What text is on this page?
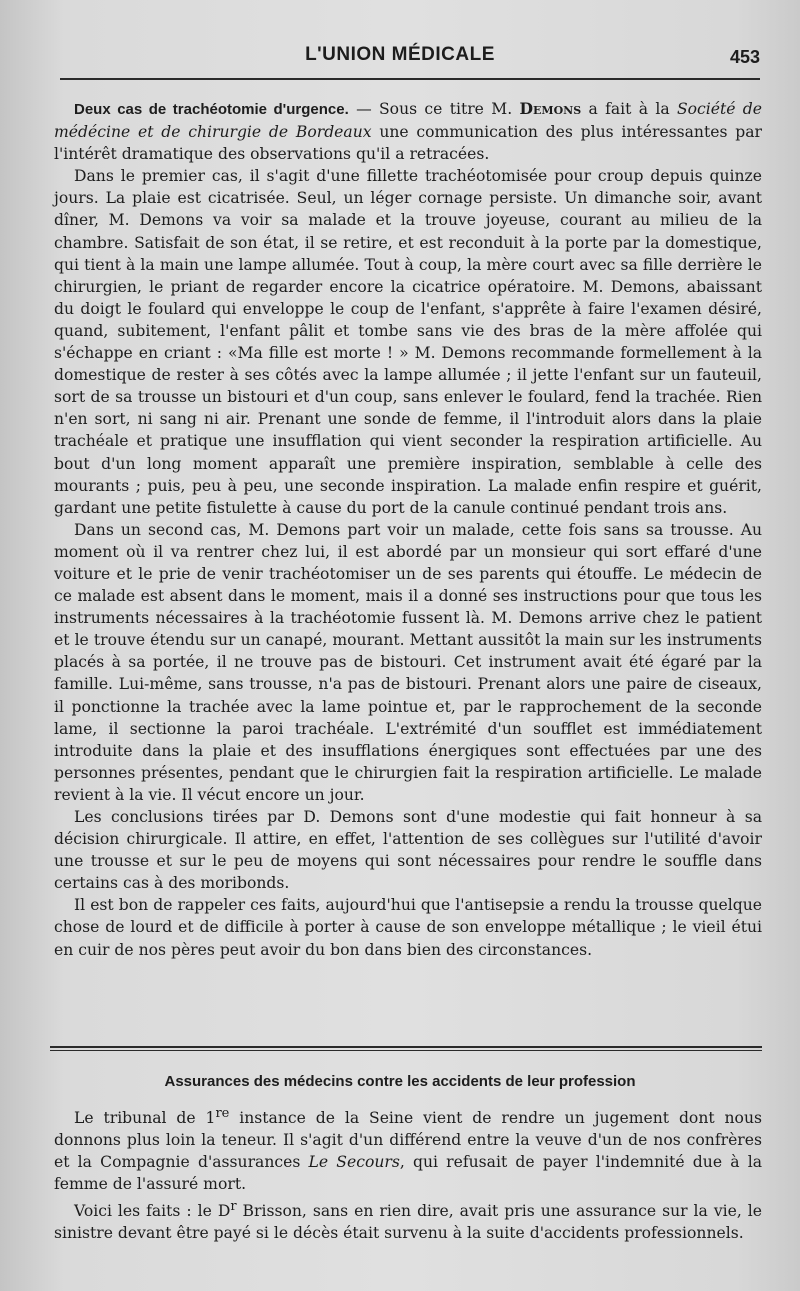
L'UNION MÉDICALE	453

Deux cas de trachéotomie d'urgence. — Sous ce titre M. Demons a fait à la Société de médécine et de chirurgie de Bordeaux une communication des plus intéressantes par l'intérêt dramatique des observations qu'il a retracées.

Dans le premier cas, il s'agit d'une fillette trachéotomisée pour croup depuis quinze jours. La plaie est cicatrisée. Seul, un léger cornage persiste. Un dimanche soir, avant dîner, M. Demons va voir sa malade et la trouve joyeuse, courant au milieu de la chambre. Satisfait de son état, il se retire, et est reconduit à la porte par la domestique, qui tient à la main une lampe allumée. Tout à coup, la mère court avec sa fille derrière le chirurgien, le priant de regarder encore la cicatrice opératoire. M. Demons, abaissant du doigt le foulard qui enveloppe le coup de l'enfant, s'apprête à faire l'examen désiré, quand, subitement, l'enfant pâlit et tombe sans vie des bras de la mère affolée qui s'échappe en criant : «Ma fille est morte ! » M. Demons recommande formellement à la domestique de rester à ses côtés avec la lampe allumée ; il jette l'enfant sur un fauteuil, sort de sa trousse un bistouri et d'un coup, sans enlever le foulard, fend la trachée. Rien n'en sort, ni sang ni air. Prenant une sonde de femme, il l'introduit alors dans la plaie trachéale et pratique une insufflation qui vient seconder la respiration artificielle. Au bout d'un long moment apparaît une première inspiration, semblable à celle des mourants ; puis, peu à peu, une seconde inspiration. La malade enfin respire et guérit, gardant une petite fistulette à cause du port de la canule continué pendant trois ans.

Dans un second cas, M. Demons part voir un malade, cette fois sans sa trousse. Au moment où il va rentrer chez lui, il est abordé par un monsieur qui sort effaré d'une voiture et le prie de venir trachéotomiser un de ses parents qui étouffe. Le médecin de ce malade est absent dans le moment, mais il a donné ses instructions pour que tous les instruments nécessaires à la trachéotomie fussent là. M. Demons arrive chez le patient et le trouve étendu sur un canapé, mourant. Mettant aussitôt la main sur les instruments placés à sa portée, il ne trouve pas de bistouri. Cet instrument avait été égaré par la famille. Lui-même, sans trousse, n'a pas de bistouri. Prenant alors une paire de ciseaux, il ponctionne la trachée avec la lame pointue et, par le rapprochement de la seconde lame, il sectionne la paroi trachéale. L'extrémité d'un soufflet est immédiatement introduite dans la plaie et des insufflations énergiques sont effectuées par une des personnes présentes, pendant que le chirurgien fait la respiration artificielle. Le malade revient à la vie. Il vécut encore un jour.

Les conclusions tirées par D. Demons sont d'une modestie qui fait honneur à sa décision chirurgicale. Il attire, en effet, l'attention de ses collègues sur l'utilité d'avoir une trousse et sur le peu de moyens qui sont nécessaires pour rendre le souffle dans certains cas à des moribonds.

Il est bon de rappeler ces faits, aujourd'hui que l'antisepsie a rendu la trousse quelque chose de lourd et de difficile à porter à cause de son enveloppe métallique ; le vieil étui en cuir de nos pères peut avoir du bon dans bien des circonstances.

Assurances des médecins contre les accidents de leur profession

Le tribunal de 1re instance de la Seine vient de rendre un jugement dont nous donnons plus loin la teneur. Il s'agit d'un différend entre la veuve d'un de nos confrères et la Compagnie d'assurances Le Secours, qui refusait de payer l'indemnité due à la femme de l'assuré mort.

Voici les faits : le $D^r$ Brisson, sans en rien dire, avait pris une assurance sur la vie, le sinistre devant être payé si le décès était survenu à la suite d'accidents professionnels.
